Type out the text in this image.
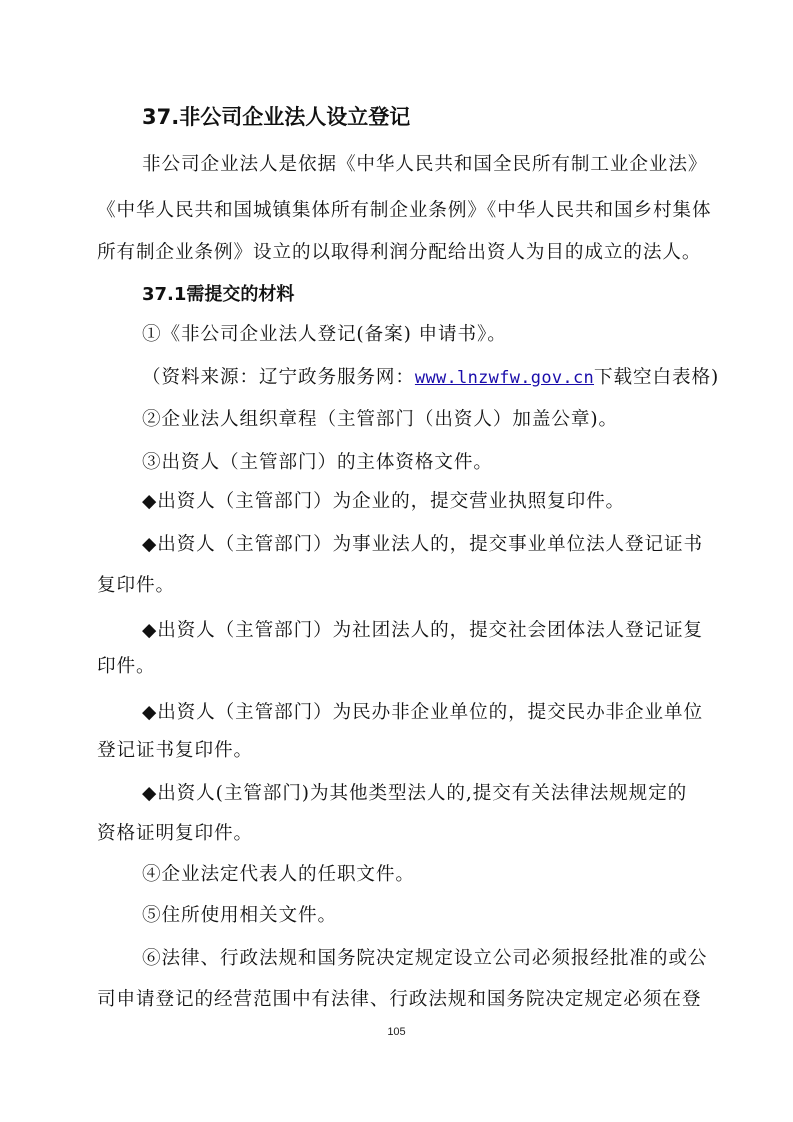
37.非公司企业法人设立登记
非公司企业法人是依据《中华人民共和国全民所有制工业企业法》
《中华人民共和国城镇集体所有制企业条例》《中华人民共和国乡村集体
所有制企业条例》设立的以取得利润分配给出资人为目的成立的法人。
37.1需提交的材料
①《非公司企业法人登记(备案) 申请书》。
（资料来源：辽宁政务服务网：www.lnzwfw.gov.cn下载空白表格)
②企业法人组织章程（主管部门（出资人）加盖公章)。
③出资人（主管部门）的主体资格文件。
◆出资人（主管部门）为企业的，提交营业执照复印件。
◆出资人（主管部门）为事业法人的，提交事业单位法人登记证书
复印件。
◆出资人（主管部门）为社团法人的，提交社会团体法人登记证复
印件。
◆出资人（主管部门）为民办非企业单位的，提交民办非企业单位
登记证书复印件。
◆出资人(主管部门)为其他类型法人的,提交有关法律法规规定的
资格证明复印件。
④企业法定代表人的任职文件。
⑤住所使用相关文件。
⑥法律、行政法规和国务院决定规定设立公司必须报经批准的或公
司申请登记的经营范围中有法律、行政法规和国务院决定规定必须在登
105
